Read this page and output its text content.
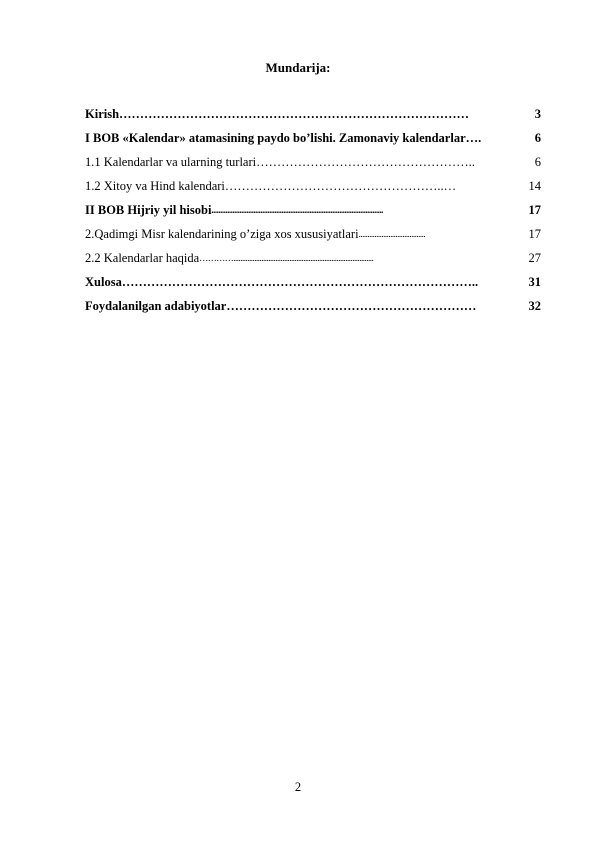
Mundarija:
Kirish …………………………………………………………………………	3
I BOB «Kalendar» atamasining paydo bo’lishi. Zamonaviy kalendarlar ….	6
1.1 Kalendarlar va ularning turlari ……………………………………………..	6
1.2 Xitoy va Hind kalendari ……………………………………………..…	14
II BOB Hijriy yil hisobi ..................................................................................................	17
2.Qadimgi Misr kalendarining o’ziga xos xususiyatlari ......................................	17
2.2 Kalendarlar haqida …………................................................................................	27
Xulosa …………………………………………………………………………..	31
Foydalanilgan adabiyotlar ……………………………………………………	32
2
